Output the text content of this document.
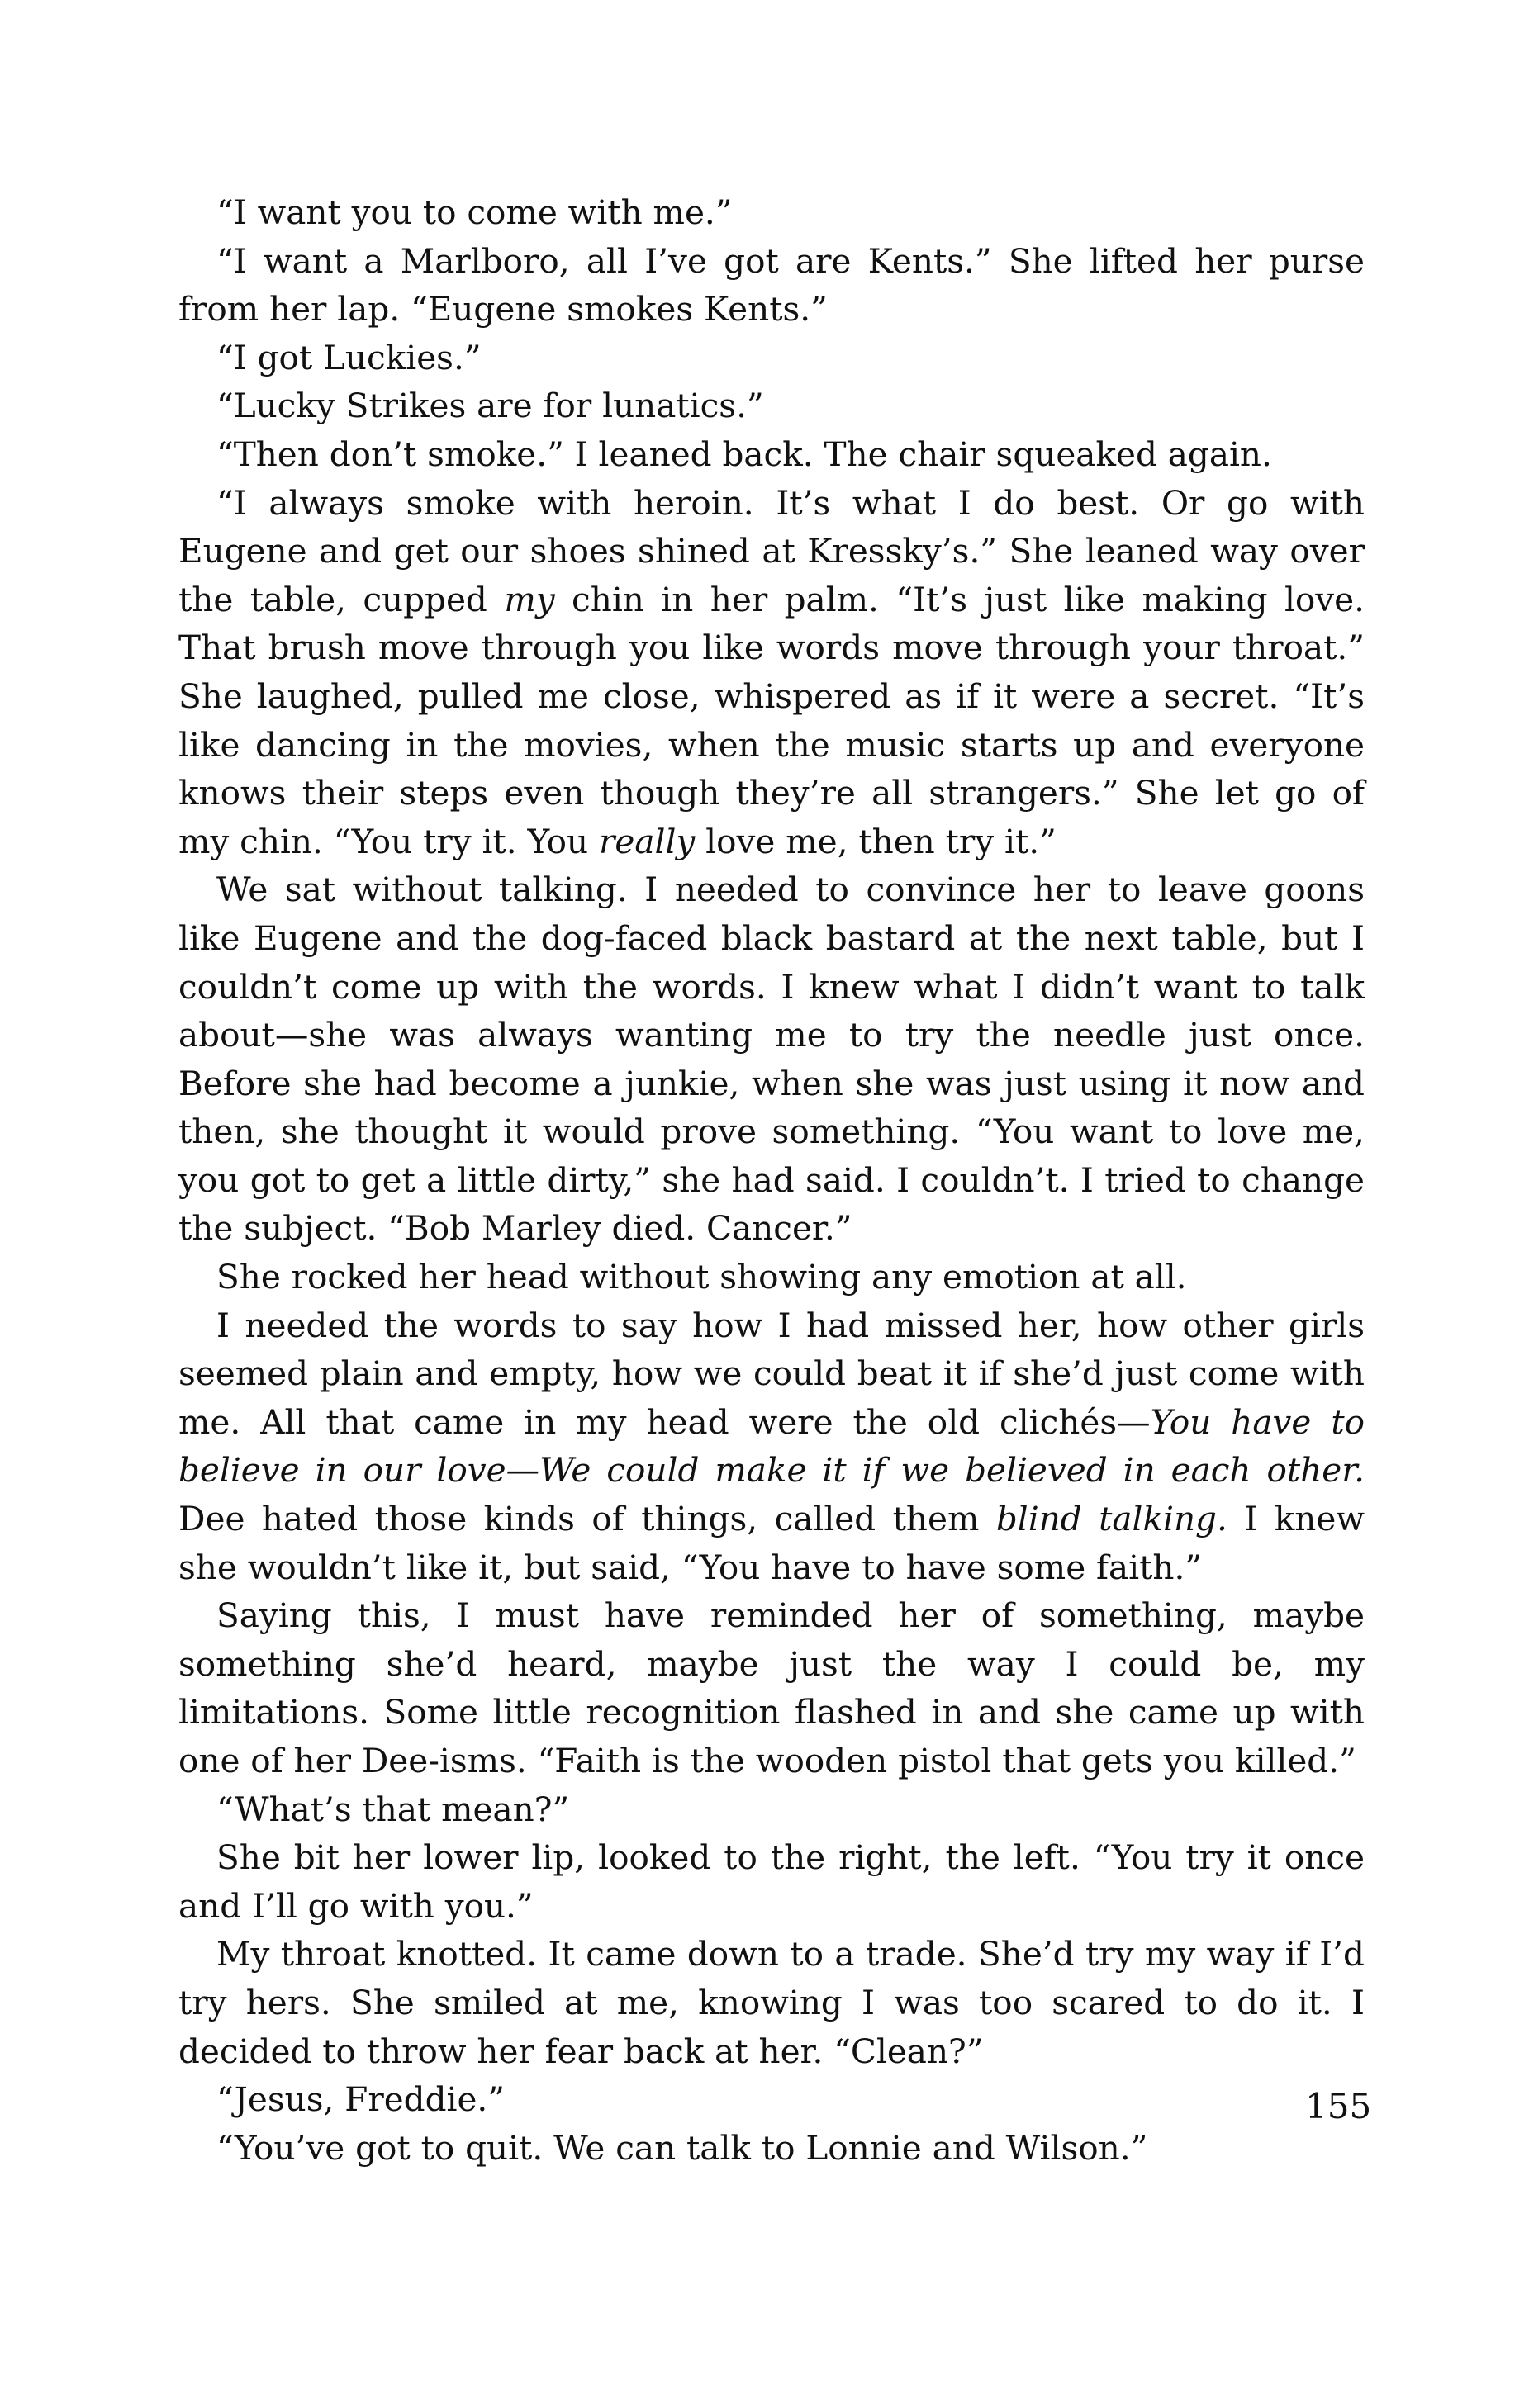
“I want you to come with me.”

“I want a Marlboro, all I’ve got are Kents.” She lifted her purse from her lap. “Eugene smokes Kents.”

“I got Luckies.”

“Lucky Strikes are for lunatics.”

“Then don’t smoke.” I leaned back. The chair squeaked again.

“I always smoke with heroin. It’s what I do best. Or go with Eugene and get our shoes shined at Kressky’s.” She leaned way over the table, cupped my chin in her palm. “It’s just like making love. That brush move through you like words move through your throat.” She laughed, pulled me close, whispered as if it were a secret. “It’s like dancing in the movies, when the music starts up and everyone knows their steps even though they’re all strangers.” She let go of my chin. “You try it. You really love me, then try it.”

We sat without talking. I needed to convince her to leave goons like Eugene and the dog-faced black bastard at the next table, but I couldn’t come up with the words. I knew what I didn’t want to talk about—she was always wanting me to try the needle just once. Before she had become a junkie, when she was just using it now and then, she thought it would prove something. “You want to love me, you got to get a little dirty,” she had said. I couldn’t. I tried to change the subject. “Bob Marley died. Cancer.”

She rocked her head without showing any emotion at all.

I needed the words to say how I had missed her, how other girls seemed plain and empty, how we could beat it if she’d just come with me. All that came in my head were the old clichés—You have to believe in our love—We could make it if we believed in each other. Dee hated those kinds of things, called them blind talking. I knew she wouldn’t like it, but said, “You have to have some faith.”

Saying this, I must have reminded her of something, maybe something she’d heard, maybe just the way I could be, my limitations. Some little recognition flashed in and she came up with one of her Dee-isms. “Faith is the wooden pistol that gets you killed.”

“What’s that mean?”

She bit her lower lip, looked to the right, the left. “You try it once and I’ll go with you.”

My throat knotted. It came down to a trade. She’d try my way if I’d try hers. She smiled at me, knowing I was too scared to do it. I decided to throw her fear back at her. “Clean?”

“Jesus, Freddie.”

“You’ve got to quit. We can talk to Lonnie and Wilson.”

155
